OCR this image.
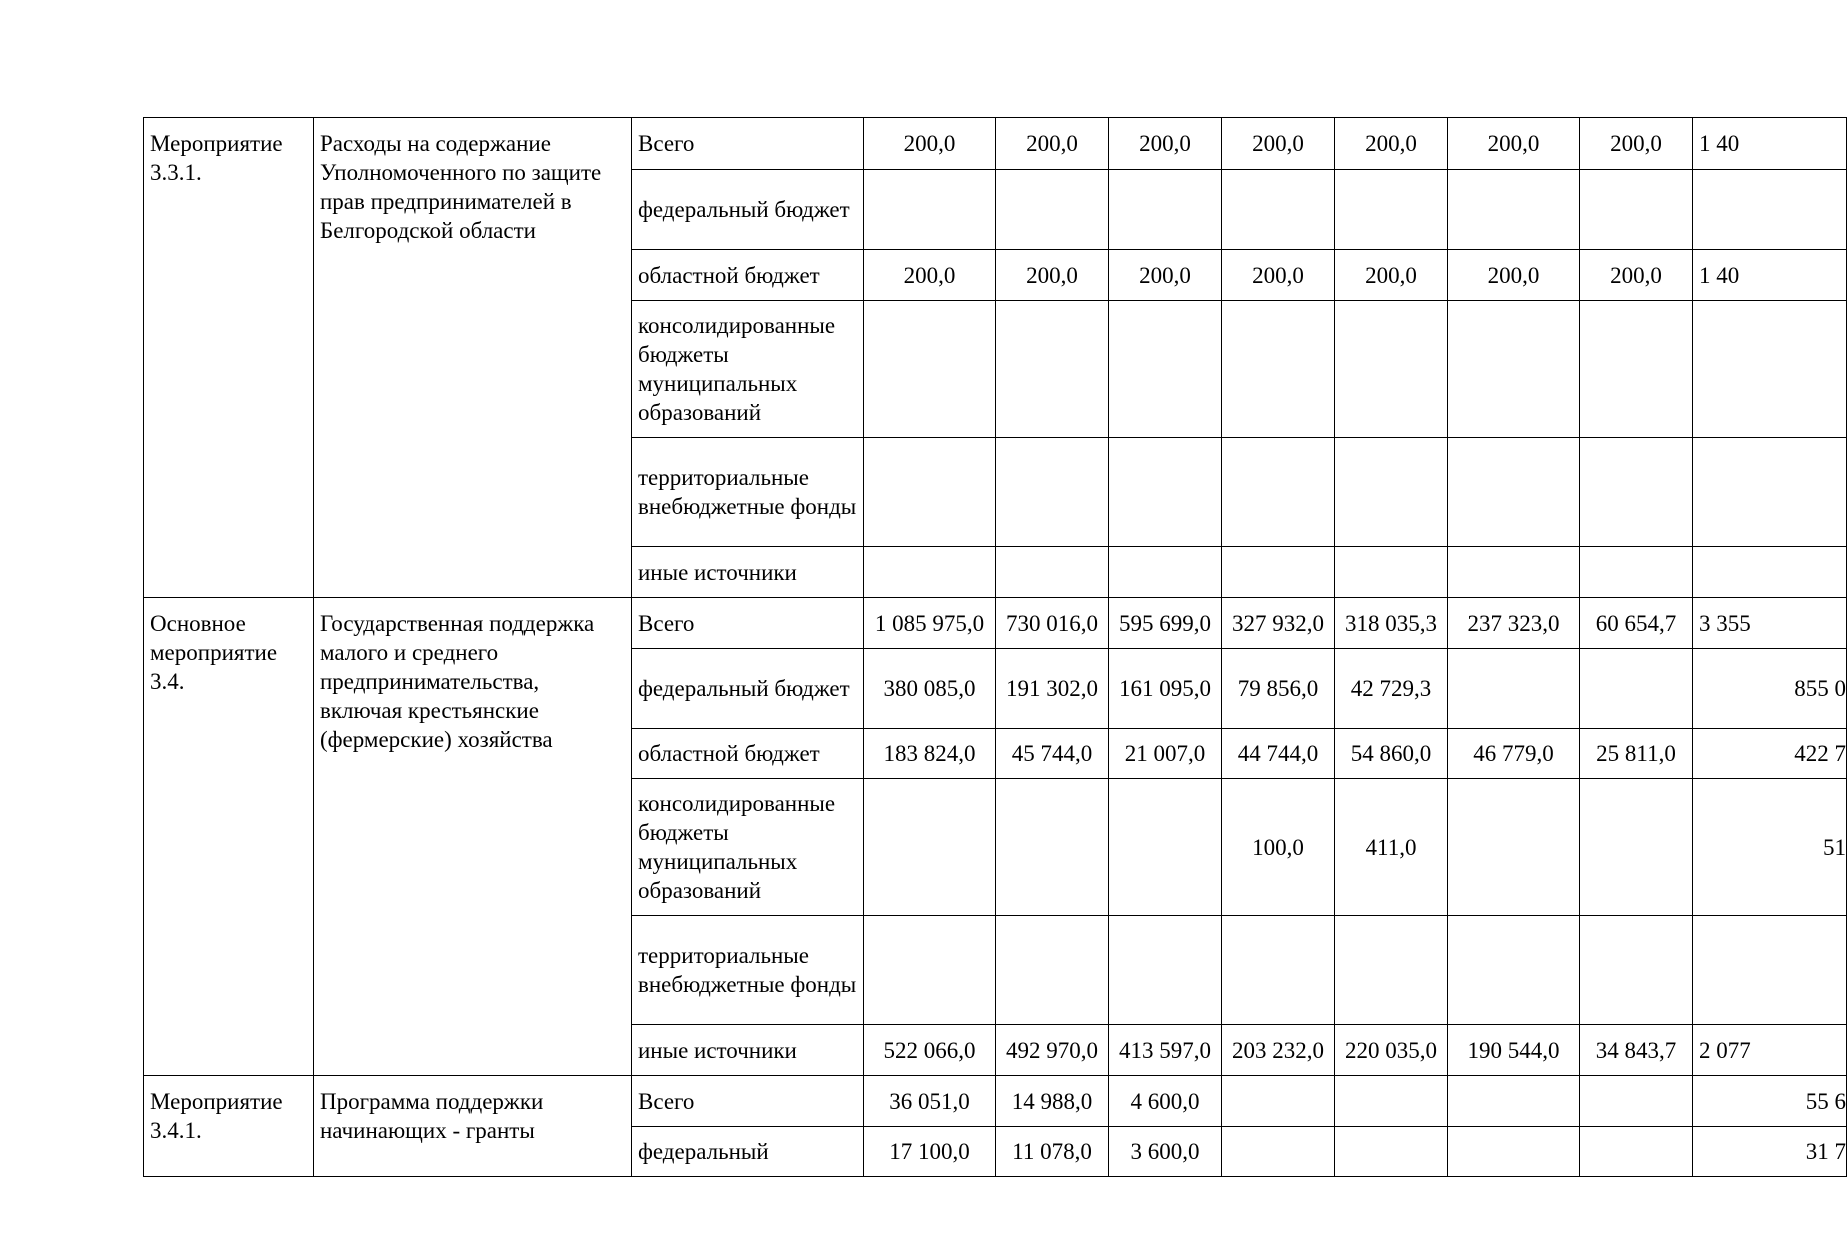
Мероприятие 3.3.1.	Расходы на содержание Уполномоченного по защите прав предпринимателей в Белгородской области	Всего	200,0	200,0	200,0	200,0	200,0	200,0	200,0	1 40
		федеральный бюджет								
		областной бюджет	200,0	200,0	200,0	200,0	200,0	200,0	200,0	1 40
		консолидированные бюджеты муниципальных образований								
		территориальные внебюджетные фонды								
		иные источники								
Основное мероприятие 3.4.	Государственная поддержка малого и среднего предпринимательства, включая крестьянские (фермерские) хозяйства	Всего	1 085 975,0	730 016,0	595 699,0	327 932,0	318 035,3	237 323,0	60 654,7	3 355
		федеральный бюджет	380 085,0	191 302,0	161 095,0	79 856,0	42 729,3			855 0
		областной бюджет	183 824,0	45 744,0	21 007,0	44 744,0	54 860,0	46 779,0	25 811,0	422 7
		консолидированные бюджеты муниципальных образований				100,0	411,0			51
		территориальные внебюджетные фонды								
		иные источники	522 066,0	492 970,0	413 597,0	203 232,0	220 035,0	190 544,0	34 843,7	2 077
Мероприятие 3.4.1.	Программа поддержки начинающих - гранты	Всего	36 051,0	14 988,0	4 600,0					55 6
		федеральный	17 100,0	11 078,0	3 600,0					31 7
